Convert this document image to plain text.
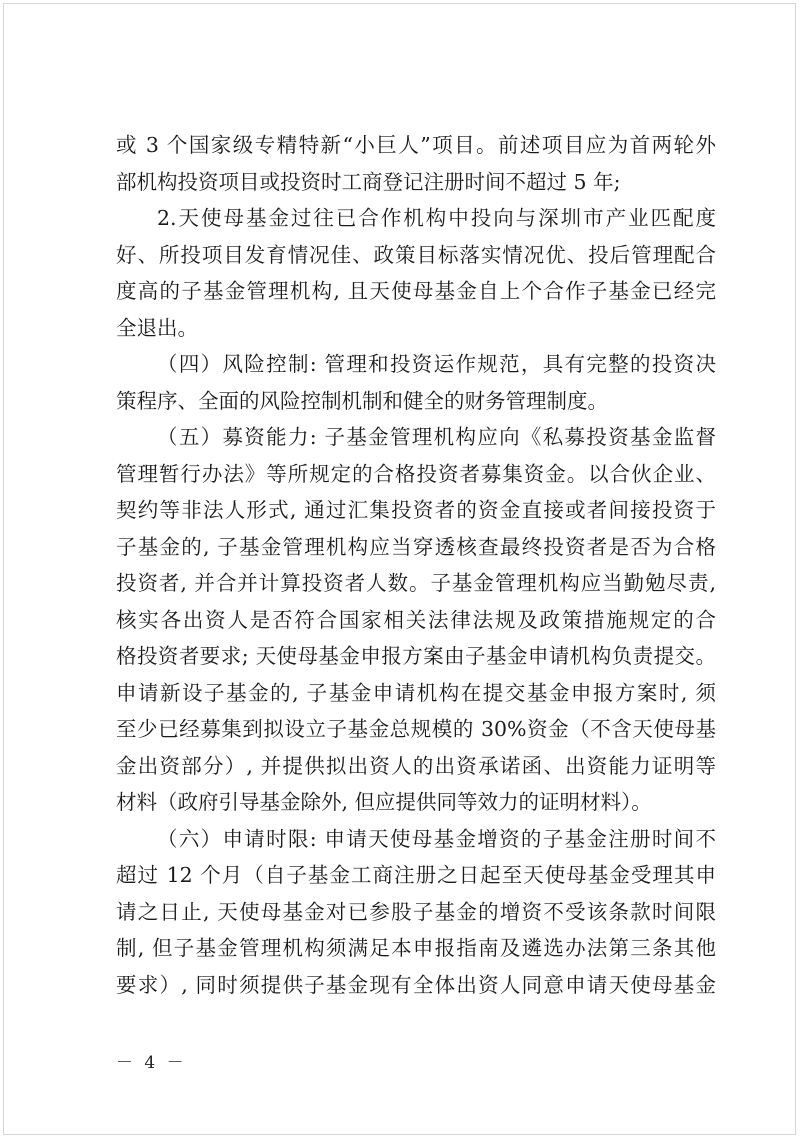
或 3 个国家级专精特新“小巨人”项目。前述项目应为首两轮外
部机构投资项目或投资时工商登记注册时间不超过 5 年;
2.天使母基金过往已合作机构中投向与深圳市产业匹配度
好、所投项目发育情况佳、政策目标落实情况优、投后管理配合
度高的子基金管理机构, 且天使母基金自上个合作子基金已经完
全退出。
（四）风险控制: 管理和投资运作规范，具有完整的投资决
策程序、全面的风险控制机制和健全的财务管理制度。
（五）募资能力: 子基金管理机构应向《私募投资基金监督
管理暂行办法》等所规定的合格投资者募集资金。以合伙企业、
契约等非法人形式, 通过汇集投资者的资金直接或者间接投资于
子基金的, 子基金管理机构应当穿透核查最终投资者是否为合格
投资者, 并合并计算投资者人数。子基金管理机构应当勤勉尽责,
核实各出资人是否符合国家相关法律法规及政策措施规定的合
格投资者要求; 天使母基金申报方案由子基金申请机构负责提交。
申请新设子基金的, 子基金申请机构在提交基金申报方案时, 须
至少已经募集到拟设立子基金总规模的 30%资金（不含天使母基
金出资部分）, 并提供拟出资人的出资承诺函、出资能力证明等
材料（政府引导基金除外, 但应提供同等效力的证明材料）。
（六）申请时限: 申请天使母基金增资的子基金注册时间不
超过 12 个月（自子基金工商注册之日起至天使母基金受理其申
请之日止, 天使母基金对已参股子基金的增资不受该条款时间限
制, 但子基金管理机构须满足本申报指南及遴选办法第三条其他
要求）, 同时须提供子基金现有全体出资人同意申请天使母基金
－ 4 －
